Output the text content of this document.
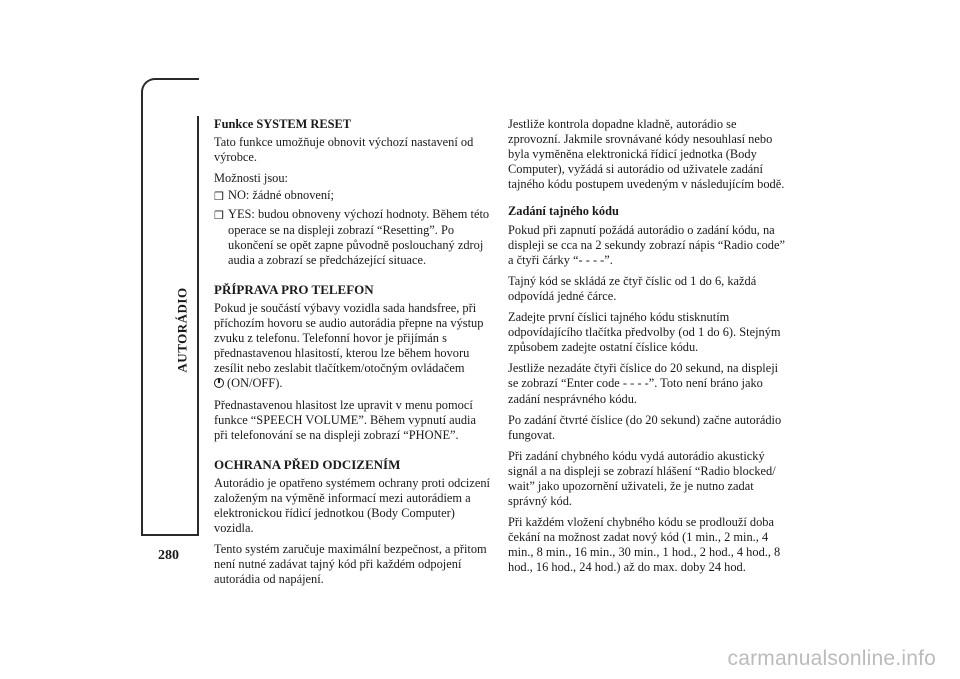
AUTORÁDIO
280
Funkce SYSTEM RESET

Tato funkce umožňuje obnovit výchozí nastavení od výrobce.

Možnosti jsou:

❒ NO: žádné obnovení;
❒ YES: budou obnoveny výchozí hodnoty. Během této operace se na displeji zobrazí “Resetting”. Po ukončení se opět zapne původně poslouchaný zdroj audia a zobrazí se předcházející situace.
PŘÍPRAVA PRO TELEFON

Pokud je součástí výbavy vozidla sada handsfree, při příchozím hovoru se audio autorádia přepne na výstup zvuku z telefonu. Telefonní hovor je přijímán s přednastavenou hlasitostí, kterou lze během hovoru zesílit nebo zeslabit tlačítkem/otočným ovládačem
(ON/OFF).

Přednastavenou hlasitost lze upravit v menu pomocí funkce “SPEECH VOLUME”. Během vypnutí audia při telefonování se na displeji zobrazí “PHONE”.

OCHRANA PŘED ODCIZENÍM

Autorádio je opatřeno systémem ochrany proti odcizení založeným na výměně informací mezi autorádiem a elektronickou řídicí jednotkou (Body Computer) vozidla.

Tento systém zaručuje maximální bezpečnost, a přitom není nutné zadávat tajný kód při každém odpojení autorádia od napájení.

Jestliže kontrola dopadne kladně, autorádio se zprovozní. Jakmile srovnávané kódy nesouhlasí nebo byla vyměněna elektronická řídicí jednotka (Body Computer), vyžádá si autorádio od uživatele zadání tajného kódu postupem uvedeným v následujícím bodě.

Zadání tajného kódu

Pokud při zapnutí požádá autorádio o zadání kódu, na displeji se cca na 2 sekundy zobrazí nápis “Radio code” a čtyři čárky “- - - -”.

Tajný kód se skládá ze čtyř číslic od 1 do 6, každá odpovídá jedné čárce.

Zadejte první číslici tajného kódu stisknutím odpovídajícího tlačítka předvolby (od 1 do 6). Stejným způsobem zadejte ostatní číslice kódu.

Jestliže nezadáte čtyři číslice do 20 sekund, na displeji se zobrazí “Enter code - - - -”. Toto není bráno jako zadání nesprávného kódu.

Po zadání čtvrté číslice (do 20 sekund) začne autorádio fungovat.

Při zadání chybného kódu vydá autorádio akustický signál a na displeji se zobrazí hlášení “Radio blocked/ wait” jako upozornění uživateli, že je nutno zadat správný kód.

Při každém vložení chybného kódu se prodlouží doba čekání na možnost zadat nový kód (1 min., 2 min., 4 min., 8 min., 16 min., 30 min., 1 hod., 2 hod., 4 hod., 8 hod., 16 hod., 24 hod.) až do max. doby 24 hod.

carmanualsonline.info
